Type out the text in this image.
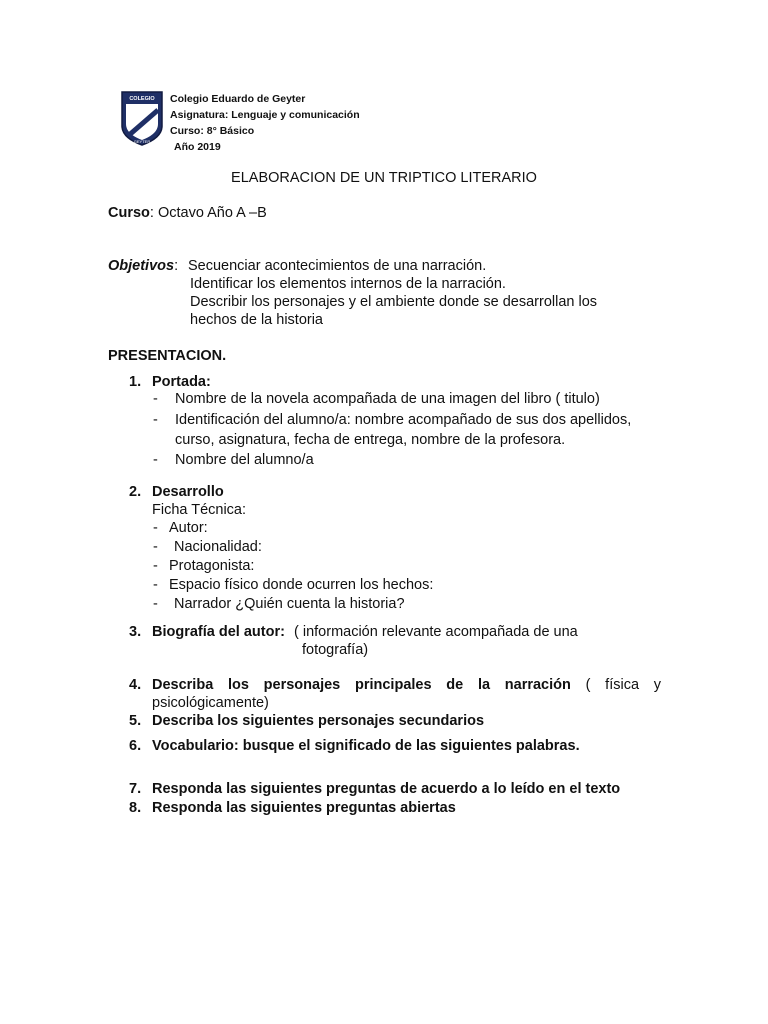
COLEGIO
GEYTER
Colegio Eduardo de Geyter
Asignatura: Lenguaje y comunicación
Curso: 8° Básico
Año 2019
ELABORACION DE UN TRIPTICO LITERARIO
Curso: Octavo Año A –B
Objetivos: Secuenciar acontecimientos de una narración.
Identificar los elementos internos de la narración.
Describir los personajes y el ambiente donde se desarrollan los
hechos de la historia
PRESENTACION.
1. Portada:
- Nombre de la novela acompañada de una imagen del libro ( titulo)
- Identificación del alumno/a: nombre acompañado de sus dos apellidos,
curso, asignatura, fecha de entrega, nombre de la profesora.
- Nombre del alumno/a
2. Desarrollo
Ficha Técnica:
- Autor:
- Nacionalidad:
- Protagonista:
- Espacio físico donde ocurren los hechos:
- Narrador ¿Quién cuenta la historia?
3. Biografía del autor: ( información relevante acompañada de una
fotografía)
4. Describa los personajes principales de la narración ( física y
psicológicamente)
5. Describa los siguientes personajes secundarios
6. Vocabulario: busque el significado de las siguientes palabras.
7. Responda las siguientes preguntas de acuerdo a lo leído en el texto
8. Responda las siguientes preguntas abiertas
